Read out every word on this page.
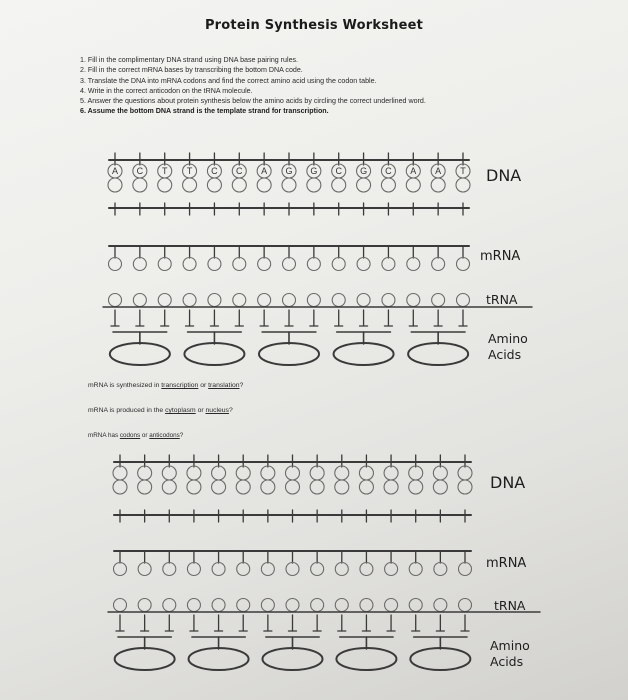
Protein Synthesis Worksheet
1. Fill in the complimentary DNA strand using DNA base pairing rules.
2. Fill in the correct mRNA bases by transcribing the bottom DNA code.
3. Translate the DNA into mRNA codons and find the correct amino acid using the codon table.
4. Write in the correct anticodon on the tRNA molecule.
5. Answer the questions about protein synthesis below the amino acids by circling the correct underlined word.
6. Assume the bottom DNA strand is the template strand for transcription.
A C T T C C A G G C G C A A T DNA
mRNA
tRNA
Amino
Acids
mRNA is synthesized in transcription or translation?
mRNA is produced in the cytoplasm or nucleus?
mRNA has codons or anticodons?
DNA
mRNA
tRNA
Amino
Acids
